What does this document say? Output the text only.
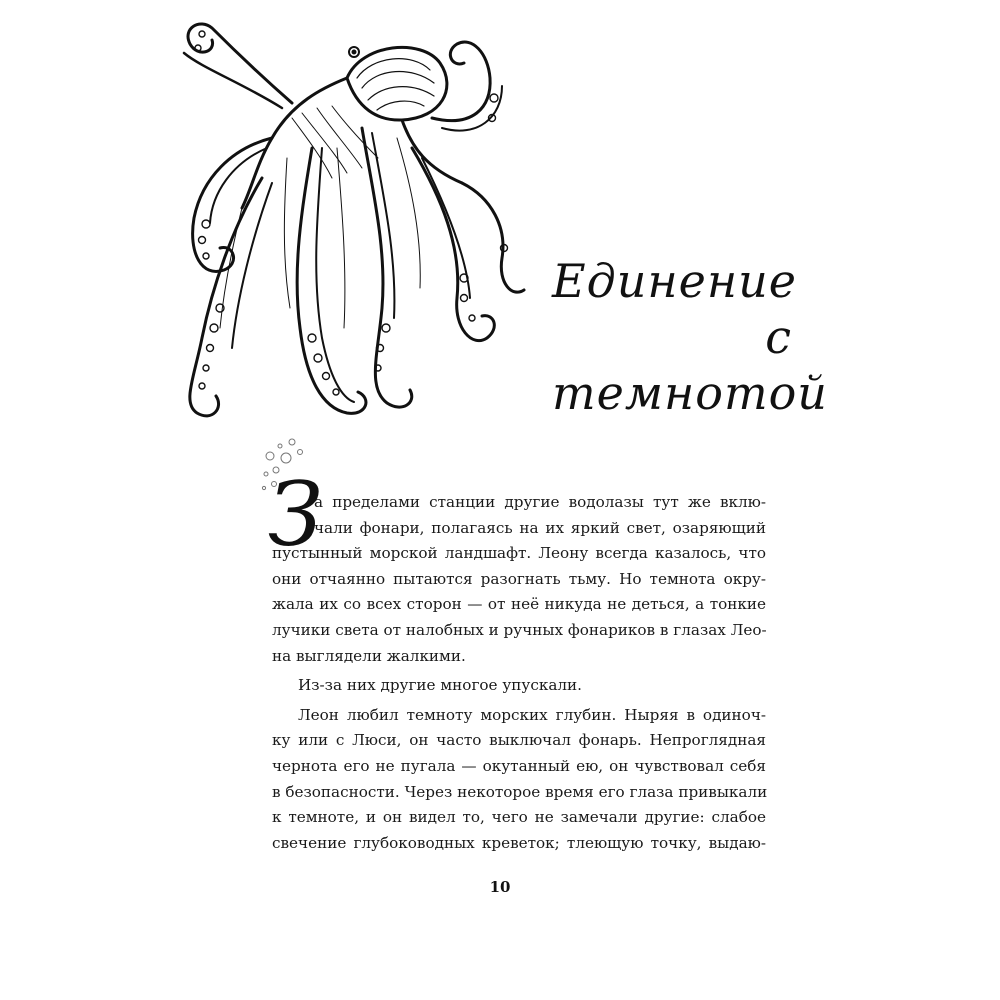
Единение
с темнотой
З
а пределами станции другие водолазы тут же вклю-
чали фонари, полагаясь на их яркий свет, озаряющий
пустынный морской ландшафт. Леону всегда казалось, что
они отчаянно пытаются разогнать тьму. Но темнота окру-
жала их со всех сторон — от неё никуда не деться, а тонкие
лучики света от налобных и ручных фонариков в глазах Лео-
на выглядели жалкими.
Из-за них другие многое упускали.
Леон любил темноту морских глубин. Ныряя в одиноч-
ку или с Люси, он часто выключал фонарь. Непроглядная
чернота его не пугала — окутанный ею, он чувствовал себя
в безопасности. Через некоторое время его глаза привыкали
к темноте, и он видел то, чего не замечали другие: слабое
свечение глубоководных креветок; тлеющую точку, выдаю-
10
